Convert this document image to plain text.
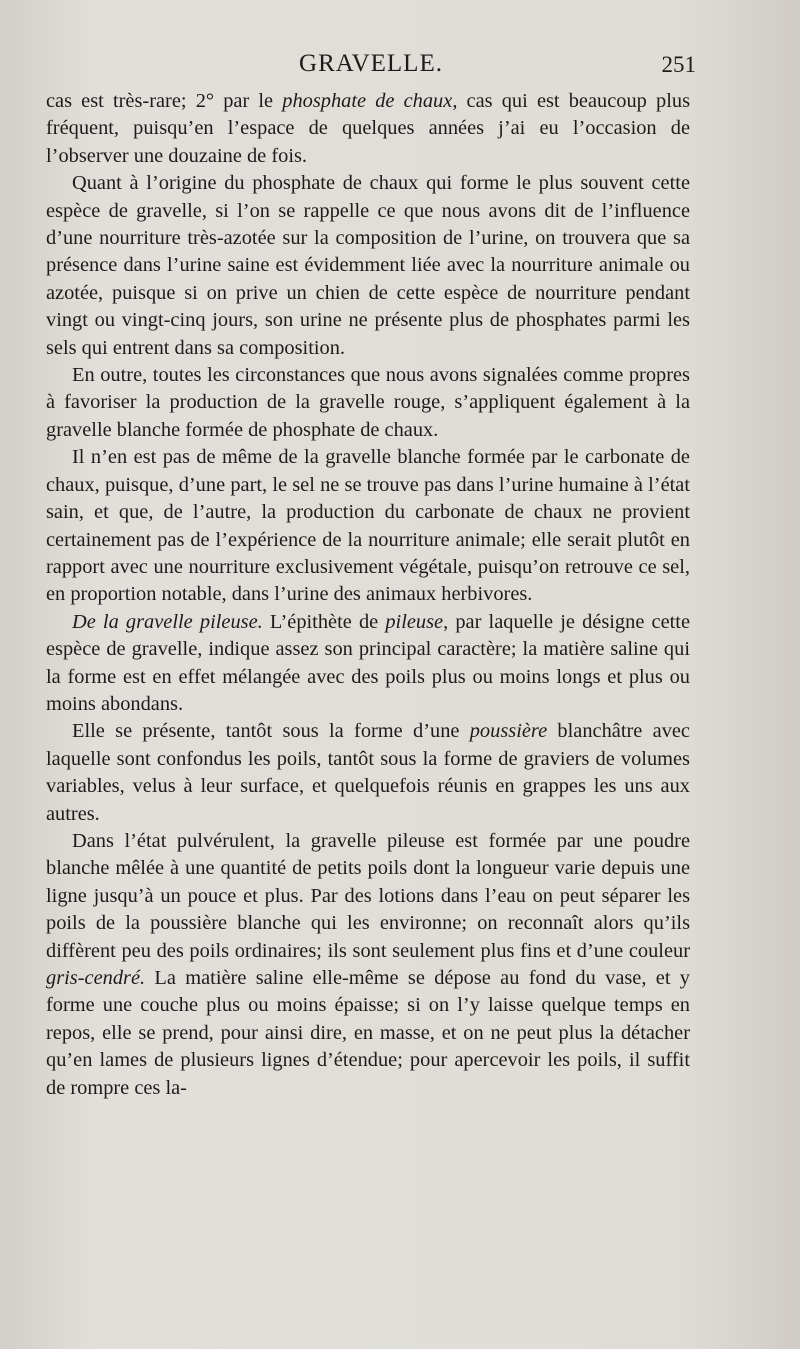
GRAVELLE.	251

cas est très-rare; 2° par le phosphate de chaux, cas qui est beaucoup plus fréquent, puisqu’en l’espace de quelques années j’ai eu l’occasion de l’observer une douzaine de fois.

Quant à l’origine du phosphate de chaux qui forme le plus souvent cette espèce de gravelle, si l’on se rappelle ce que nous avons dit de l’influence d’une nourriture très-azotée sur la composition de l’urine, on trouvera que sa présence dans l’urine saine est évidemment liée avec la nourriture animale ou azotée, puisque si on prive un chien de cette espèce de nourriture pendant vingt ou vingt-cinq jours, son urine ne présente plus de phosphates parmi les sels qui entrent dans sa composition.

En outre, toutes les circonstances que nous avons signalées comme propres à favoriser la production de la gravelle rouge, s’appliquent également à la gravelle blanche formée de phosphate de chaux.

Il n’en est pas de même de la gravelle blanche formée par le carbonate de chaux, puisque, d’une part, le sel ne se trouve pas dans l’urine humaine à l’état sain, et que, de l’autre, la production du carbonate de chaux ne provient certainement pas de l’expérience de la nourriture animale; elle serait plutôt en rapport avec une nourriture exclusivement végétale, puisqu’on retrouve ce sel, en proportion notable, dans l’urine des animaux herbivores.

De la gravelle pileuse. L’épithète de pileuse, par laquelle je désigne cette espèce de gravelle, indique assez son principal caractère; la matière saline qui la forme est en effet mélangée avec des poils plus ou moins longs et plus ou moins abondans.

Elle se présente, tantôt sous la forme d’une poussière blanchâtre avec laquelle sont confondus les poils, tantôt sous la forme de graviers de volumes variables, velus à leur surface, et quelquefois réunis en grappes les uns aux autres.

Dans l’état pulvérulent, la gravelle pileuse est formée par une poudre blanche mêlée à une quantité de petits poils dont la longueur varie depuis une ligne jusqu’à un pouce et plus. Par des lotions dans l’eau on peut séparer les poils de la poussière blanche qui les environne; on reconnaît alors qu’ils diffèrent peu des poils ordinaires; ils sont seulement plus fins et d’une couleur gris-cendré. La matière saline elle-même se dépose au fond du vase, et y forme une couche plus ou moins épaisse; si on l’y laisse quelque temps en repos, elle se prend, pour ainsi dire, en masse, et on ne peut plus la détacher qu’en lames de plusieurs lignes d’étendue; pour apercevoir les poils, il suffit de rompre ces la-
